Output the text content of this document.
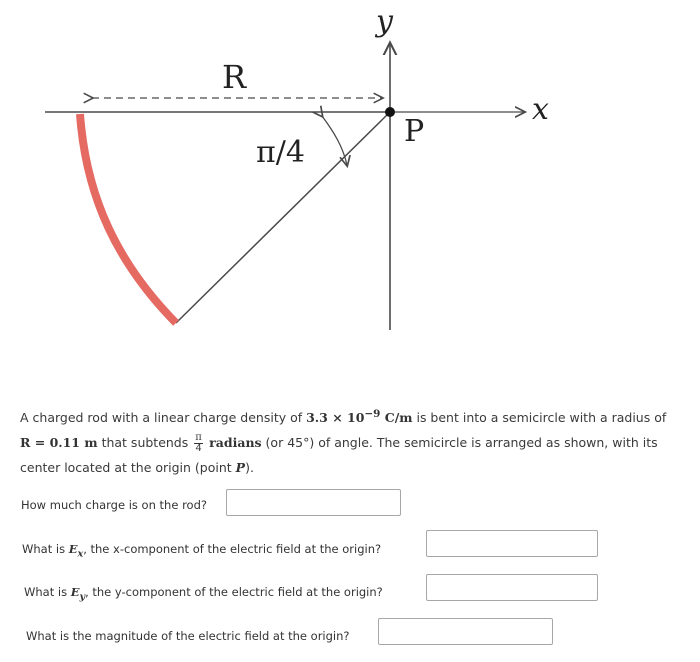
R
y
x
P
π/4
A charged rod with a linear charge density of $3.3 \times 10^{-9}$ C/m is bent into a semicircle with a radius of R = 0.11 m that subtends $\frac{\pi}{4}$ radians (or 45°) of angle. The semicircle is arranged as shown, with its center located at the origin (point P).
How much charge is on the rod?
What is $E_x$, the x-component of the electric field at the origin?
What is $E_y$, the y-component of the electric field at the origin?
What is the magnitude of the electric field at the origin?
